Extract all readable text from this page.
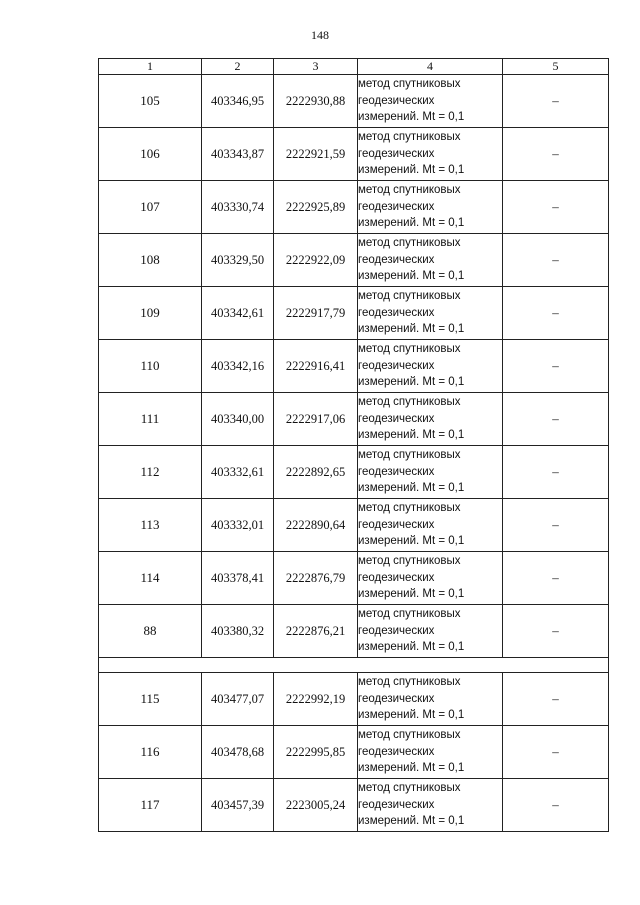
148
1	2	3	4	5
105	403346,95	2222930,88	метод спутниковых
геодезических
измерений. Mt = 0,1	–
106	403343,87	2222921,59	метод спутниковых
геодезических
измерений. Mt = 0,1	–
107	403330,74	2222925,89	метод спутниковых
геодезических
измерений. Mt = 0,1	–
108	403329,50	2222922,09	метод спутниковых
геодезических
измерений. Mt = 0,1	–
109	403342,61	2222917,79	метод спутниковых
геодезических
измерений. Mt = 0,1	–
110	403342,16	2222916,41	метод спутниковых
геодезических
измерений. Mt = 0,1	–
111	403340,00	2222917,06	метод спутниковых
геодезических
измерений. Mt = 0,1	–
112	403332,61	2222892,65	метод спутниковых
геодезических
измерений. Mt = 0,1	–
113	403332,01	2222890,64	метод спутниковых
геодезических
измерений. Mt = 0,1	–
114	403378,41	2222876,79	метод спутниковых
геодезических
измерений. Mt = 0,1	–
88	403380,32	2222876,21	метод спутниковых
геодезических
измерений. Mt = 0,1	–

115	403477,07	2222992,19	метод спутниковых
геодезических
измерений. Mt = 0,1	–
116	403478,68	2222995,85	метод спутниковых
геодезических
измерений. Mt = 0,1	–
117	403457,39	2223005,24	метод спутниковых
геодезических
измерений. Mt = 0,1	–
